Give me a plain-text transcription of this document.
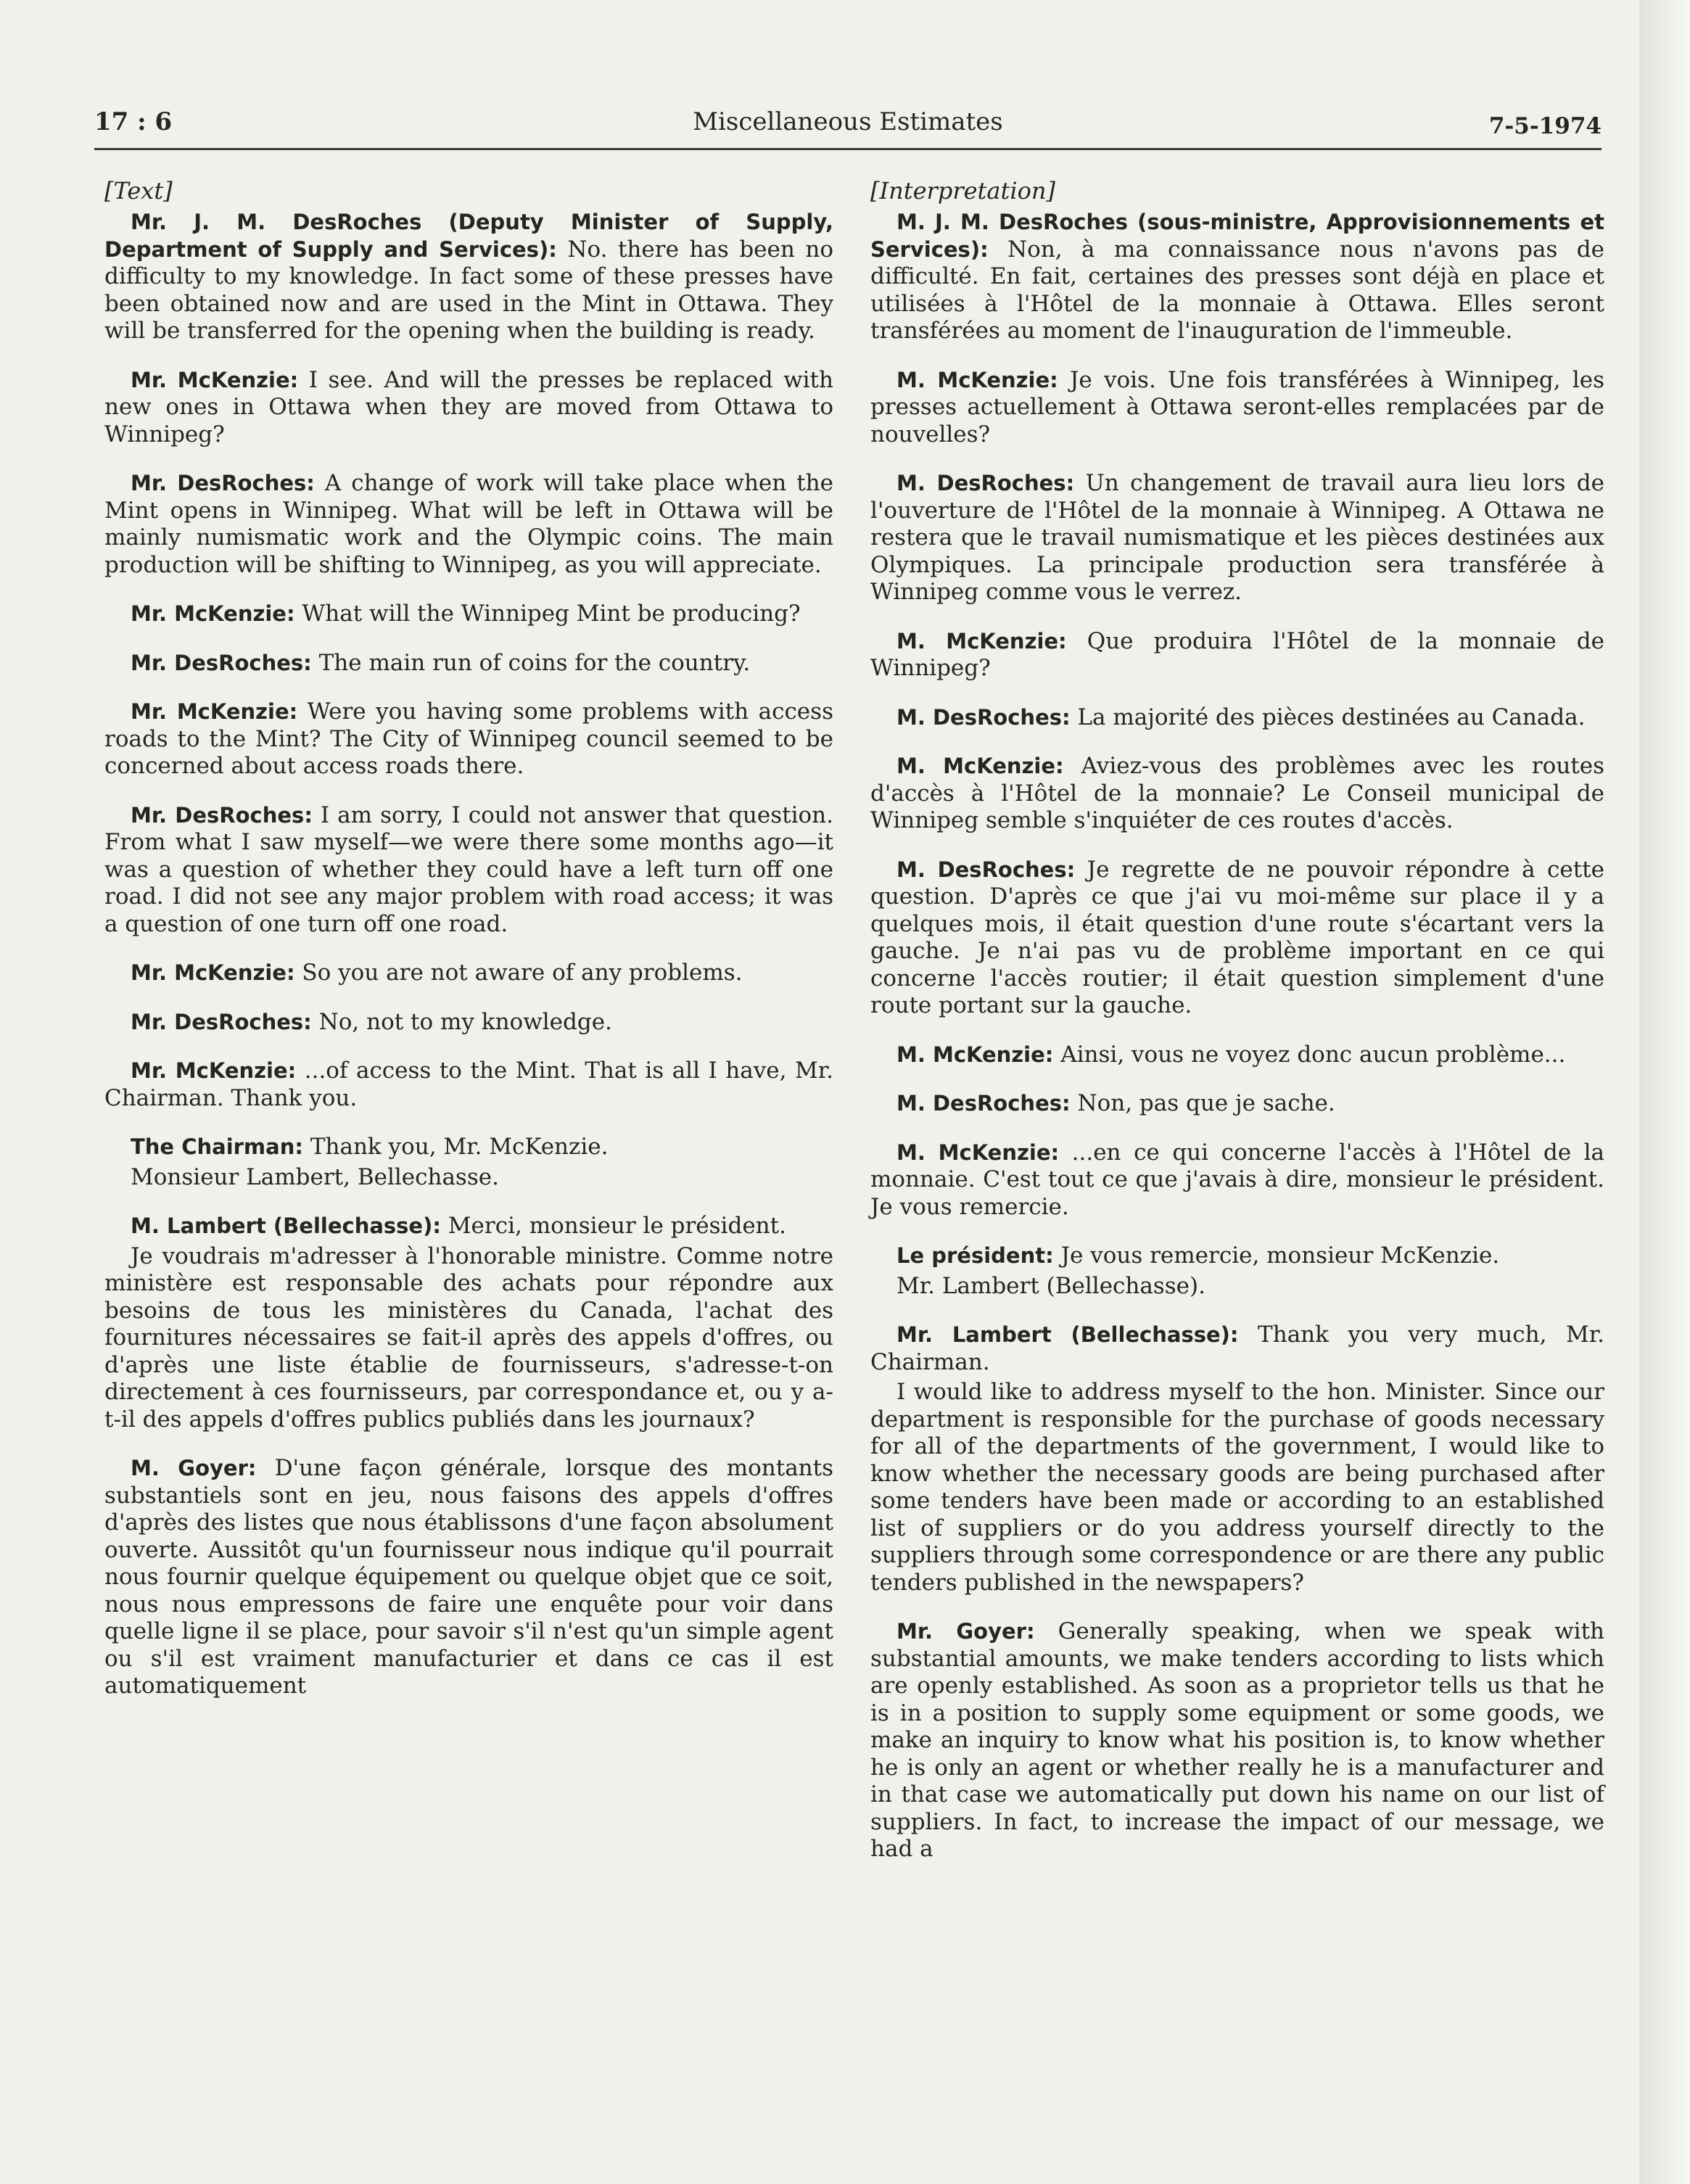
17 : 6	Miscellaneous Estimates	7-5-1974
[Text]

Mr. J. M. DesRoches (Deputy Minister of Supply, Department of Supply and Services): No. there has been no difficulty to my knowledge. In fact some of these presses have been obtained now and are used in the Mint in Ottawa. They will be transferred for the opening when the building is ready.

Mr. McKenzie: I see. And will the presses be replaced with new ones in Ottawa when they are moved from Ottawa to Winnipeg?

Mr. DesRoches: A change of work will take place when the Mint opens in Winnipeg. What will be left in Ottawa will be mainly numismatic work and the Olympic coins. The main production will be shifting to Winnipeg, as you will appreciate.

Mr. McKenzie: What will the Winnipeg Mint be producing?

Mr. DesRoches: The main run of coins for the country.

Mr. McKenzie: Were you having some problems with access roads to the Mint? The City of Winnipeg council seemed to be concerned about access roads there.

Mr. DesRoches: I am sorry, I could not answer that question. From what I saw myself—we were there some months ago—it was a question of whether they could have a left turn off one road. I did not see any major problem with road access; it was a question of one turn off one road.

Mr. McKenzie: So you are not aware of any problems.

Mr. DesRoches: No, not to my knowledge.

Mr. McKenzie: ...of access to the Mint. That is all I have, Mr. Chairman. Thank you.

The Chairman: Thank you, Mr. McKenzie.

Monsieur Lambert, Bellechasse.

M. Lambert (Bellechasse): Merci, monsieur le président.

Je voudrais m'adresser à l'honorable ministre. Comme notre ministère est responsable des achats pour répondre aux besoins de tous les ministères du Canada, l'achat des fournitures nécessaires se fait-il après des appels d'offres, ou d'après une liste établie de fournisseurs, s'adresse-t-on directement à ces fournisseurs, par correspondance et, ou y a-t-il des appels d'offres publics publiés dans les journaux?

M. Goyer: D'une façon générale, lorsque des montants substantiels sont en jeu, nous faisons des appels d'offres d'après des listes que nous établissons d'une façon absolument ouverte. Aussitôt qu'un fournisseur nous indique qu'il pourrait nous fournir quelque équipement ou quelque objet que ce soit, nous nous empressons de faire une enquête pour voir dans quelle ligne il se place, pour savoir s'il n'est qu'un simple agent ou s'il est vraiment manufacturier et dans ce cas il est automatiquement

[Interpretation]

M. J. M. DesRoches (sous-ministre, Approvisionnements et Services): Non, à ma connaissance nous n'avons pas de difficulté. En fait, certaines des presses sont déjà en place et utilisées à l'Hôtel de la monnaie à Ottawa. Elles seront transférées au moment de l'inauguration de l'immeuble.

M. McKenzie: Je vois. Une fois transférées à Winnipeg, les presses actuellement à Ottawa seront-elles remplacées par de nouvelles?

M. DesRoches: Un changement de travail aura lieu lors de l'ouverture de l'Hôtel de la monnaie à Winnipeg. A Ottawa ne restera que le travail numismatique et les pièces destinées aux Olympiques. La principale production sera transférée à Winnipeg comme vous le verrez.

M. McKenzie: Que produira l'Hôtel de la monnaie de Winnipeg?

M. DesRoches: La majorité des pièces destinées au Canada.

M. McKenzie: Aviez-vous des problèmes avec les routes d'accès à l'Hôtel de la monnaie? Le Conseil municipal de Winnipeg semble s'inquiéter de ces routes d'accès.

M. DesRoches: Je regrette de ne pouvoir répondre à cette question. D'après ce que j'ai vu moi-même sur place il y a quelques mois, il était question d'une route s'écartant vers la gauche. Je n'ai pas vu de problème important en ce qui concerne l'accès routier; il était question simplement d'une route portant sur la gauche.

M. McKenzie: Ainsi, vous ne voyez donc aucun problème...

M. DesRoches: Non, pas que je sache.

M. McKenzie: ...en ce qui concerne l'accès à l'Hôtel de la monnaie. C'est tout ce que j'avais à dire, monsieur le président. Je vous remercie.

Le président: Je vous remercie, monsieur McKenzie.

Mr. Lambert (Bellechasse).

Mr. Lambert (Bellechasse): Thank you very much, Mr. Chairman.

I would like to address myself to the hon. Minister. Since our department is responsible for the purchase of goods necessary for all of the departments of the government, I would like to know whether the necessary goods are being purchased after some tenders have been made or according to an established list of suppliers or do you address yourself directly to the suppliers through some correspondence or are there any public tenders published in the newspapers?

Mr. Goyer: Generally speaking, when we speak with substantial amounts, we make tenders according to lists which are openly established. As soon as a proprietor tells us that he is in a position to supply some equipment or some goods, we make an inquiry to know what his position is, to know whether he is only an agent or whether really he is a manufacturer and in that case we automatically put down his name on our list of suppliers. In fact, to increase the impact of our message, we had a
